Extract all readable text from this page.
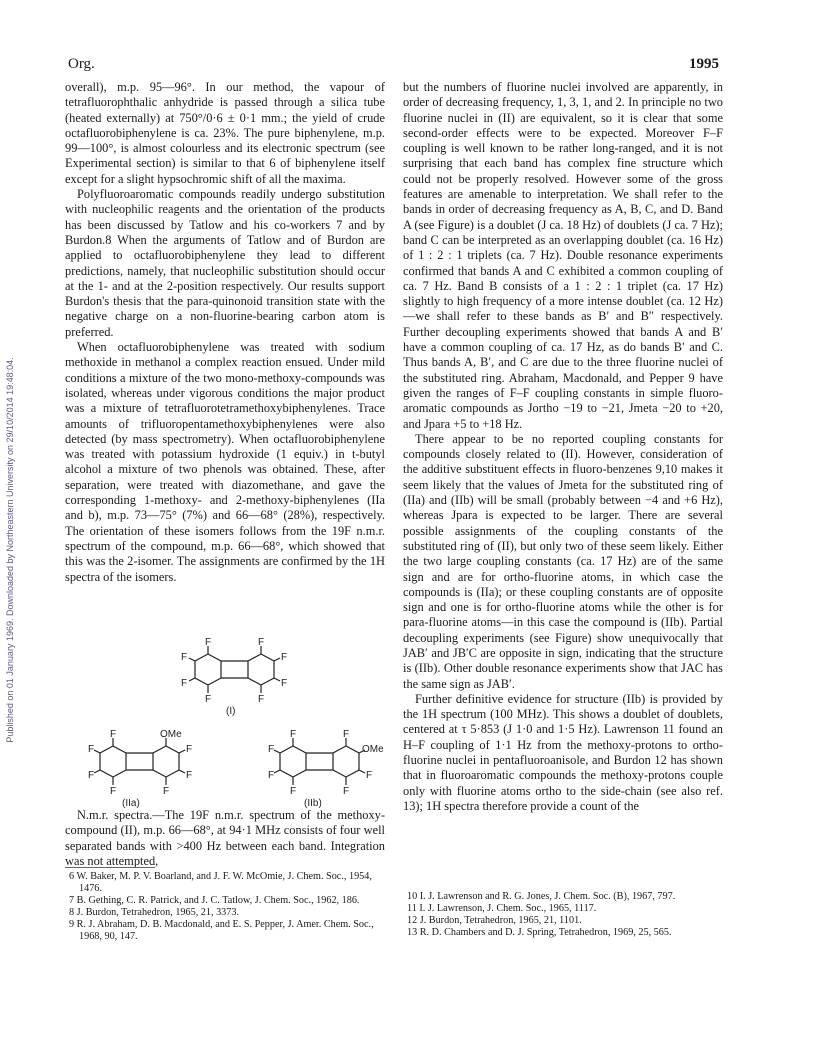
Published on 01 January 1969. Downloaded by Northeastern University on 29/10/2014 19:48:04.
Org.	1995

overall), m.p. 95—96°. In our method, the vapour of tetrafluorophthalic anhydride is passed through a silica tube (heated externally) at 750°/0·6 ± 0·1 mm.; the yield of crude octafluorobiphenylene is ca. 23%. The pure biphenylene, m.p. 99—100°, is almost colourless and its electronic spectrum (see Experimental section) is similar to that 6 of biphenylene itself except for a slight hypsochromic shift of all the maxima.

Polyfluoroaromatic compounds readily undergo substitution with nucleophilic reagents and the orientation of the products has been discussed by Tatlow and his co-workers 7 and by Burdon.8 When the arguments of Tatlow and of Burdon are applied to octafluorobiphenylene they lead to different predictions, namely, that nucleophilic substitution should occur at the 1- and at the 2-position respectively. Our results support Burdon's thesis that the para-quinonoid transition state with the negative charge on a non-fluorine-bearing carbon atom is preferred.

When octafluorobiphenylene was treated with sodium methoxide in methanol a complex reaction ensued. Under mild conditions a mixture of the two mono-methoxy-compounds was isolated, whereas under vigorous conditions the major product was a mixture of tetrafluorotetramethoxybiphenylenes. Trace amounts of trifluoropentamethoxybiphenylenes were also detected (by mass spectrometry). When octafluorobiphenylene was treated with potassium hydroxide (1 equiv.) in t-butyl alcohol a mixture of two phenols was obtained. These, after separation, were treated with diazomethane, and gave the corresponding 1-methoxy- and 2-methoxy-biphenylenes (IIa and b), m.p. 73—75° (7%) and 66—68° (28%), respectively. The orientation of these isomers follows from the 19F n.m.r. spectrum of the compound, m.p. 66—68°, which showed that this was the 2-isomer. The assignments are confirmed by the 1H spectra of the isomers.

F	F
F
F
F
F
F	F
(I)
F	OMe
F
F
F
F
F	F
(IIa)
F	F
F
F
OMe
F
F	F
(IIb)

N.m.r. spectra.—The 19F n.m.r. spectrum of the methoxy-compound (II), m.p. 66—68°, at 94·1 MHz consists of four well separated bands with >400 Hz between each band. Integration was not attempted,

6 W. Baker, M. P. V. Boarland, and J. F. W. McOmie, J. Chem. Soc., 1954, 1476.

7 B. Gething, C. R. Patrick, and J. C. Tatlow, J. Chem. Soc., 1962, 186.

8 J. Burdon, Tetrahedron, 1965, 21, 3373.

9 R. J. Abraham, D. B. Macdonald, and E. S. Pepper, J. Amer. Chem. Soc., 1968, 90, 147.

but the numbers of fluorine nuclei involved are apparently, in order of decreasing frequency, 1, 3, 1, and 2. In principle no two fluorine nuclei in (II) are equivalent, so it is clear that some second-order effects were to be expected. Moreover F–F coupling is well known to be rather long-ranged, and it is not surprising that each band has complex fine structure which could not be properly resolved. However some of the gross features are amenable to interpretation. We shall refer to the bands in order of decreasing frequency as A, B, C, and D. Band A (see Figure) is a doublet (J ca. 18 Hz) of doublets (J ca. 7 Hz); band C can be interpreted as an overlapping doublet (ca. 16 Hz) of 1 : 2 : 1 triplets (ca. 7 Hz). Double resonance experiments confirmed that bands A and C exhibited a common coupling of ca. 7 Hz. Band B consists of a 1 : 2 : 1 triplet (ca. 17 Hz) slightly to high frequency of a more intense doublet (ca. 12 Hz)—we shall refer to these bands as B′ and B″ respectively. Further decoupling experiments showed that bands A and B′ have a common coupling of ca. 17 Hz, as do bands B′ and C. Thus bands A, B′, and C are due to the three fluorine nuclei of the substituted ring. Abraham, Macdonald, and Pepper 9 have given the ranges of F–F coupling constants in simple fluoro-aromatic compounds as Jortho −19 to −21, Jmeta −20 to +20, and Jpara +5 to +18 Hz.

There appear to be no reported coupling constants for compounds closely related to (II). However, consideration of the additive substituent effects in fluoro-benzenes 9,10 makes it seem likely that the values of Jmeta for the substituted ring of (IIa) and (IIb) will be small (probably between −4 and +6 Hz), whereas Jpara is expected to be larger. There are several possible assignments of the coupling constants of the substituted ring of (II), but only two of these seem likely. Either the two large coupling constants (ca. 17 Hz) are of the same sign and are for ortho-fluorine atoms, in which case the compounds is (IIa); or these coupling constants are of opposite sign and one is for ortho-fluorine atoms while the other is for para-fluorine atoms—in this case the compound is (IIb). Partial decoupling experiments (see Figure) show unequivocally that JAB′ and JB′C are opposite in sign, indicating that the structure is (IIb). Other double resonance experiments show that JAC has the same sign as JAB′.

Further definitive evidence for structure (IIb) is provided by the 1H spectrum (100 MHz). This shows a doublet of doublets, centered at τ 5·853 (J 1·0 and 1·5 Hz). Lawrenson 11 found an H–F coupling of 1·1 Hz from the methoxy-protons to ortho-fluorine nuclei in pentafluoroanisole, and Burdon 12 has shown that in fluoroaromatic compounds the methoxy-protons couple only with fluorine atoms ortho to the side-chain (see also ref. 13); 1H spectra therefore provide a count of the

10 I. J. Lawrenson and R. G. Jones, J. Chem. Soc. (B), 1967, 797.

11 I. J. Lawrenson, J. Chem. Soc., 1965, 1117.

12 J. Burdon, Tetrahedron, 1965, 21, 1101.

13 R. D. Chambers and D. J. Spring, Tetrahedron, 1969, 25, 565.
